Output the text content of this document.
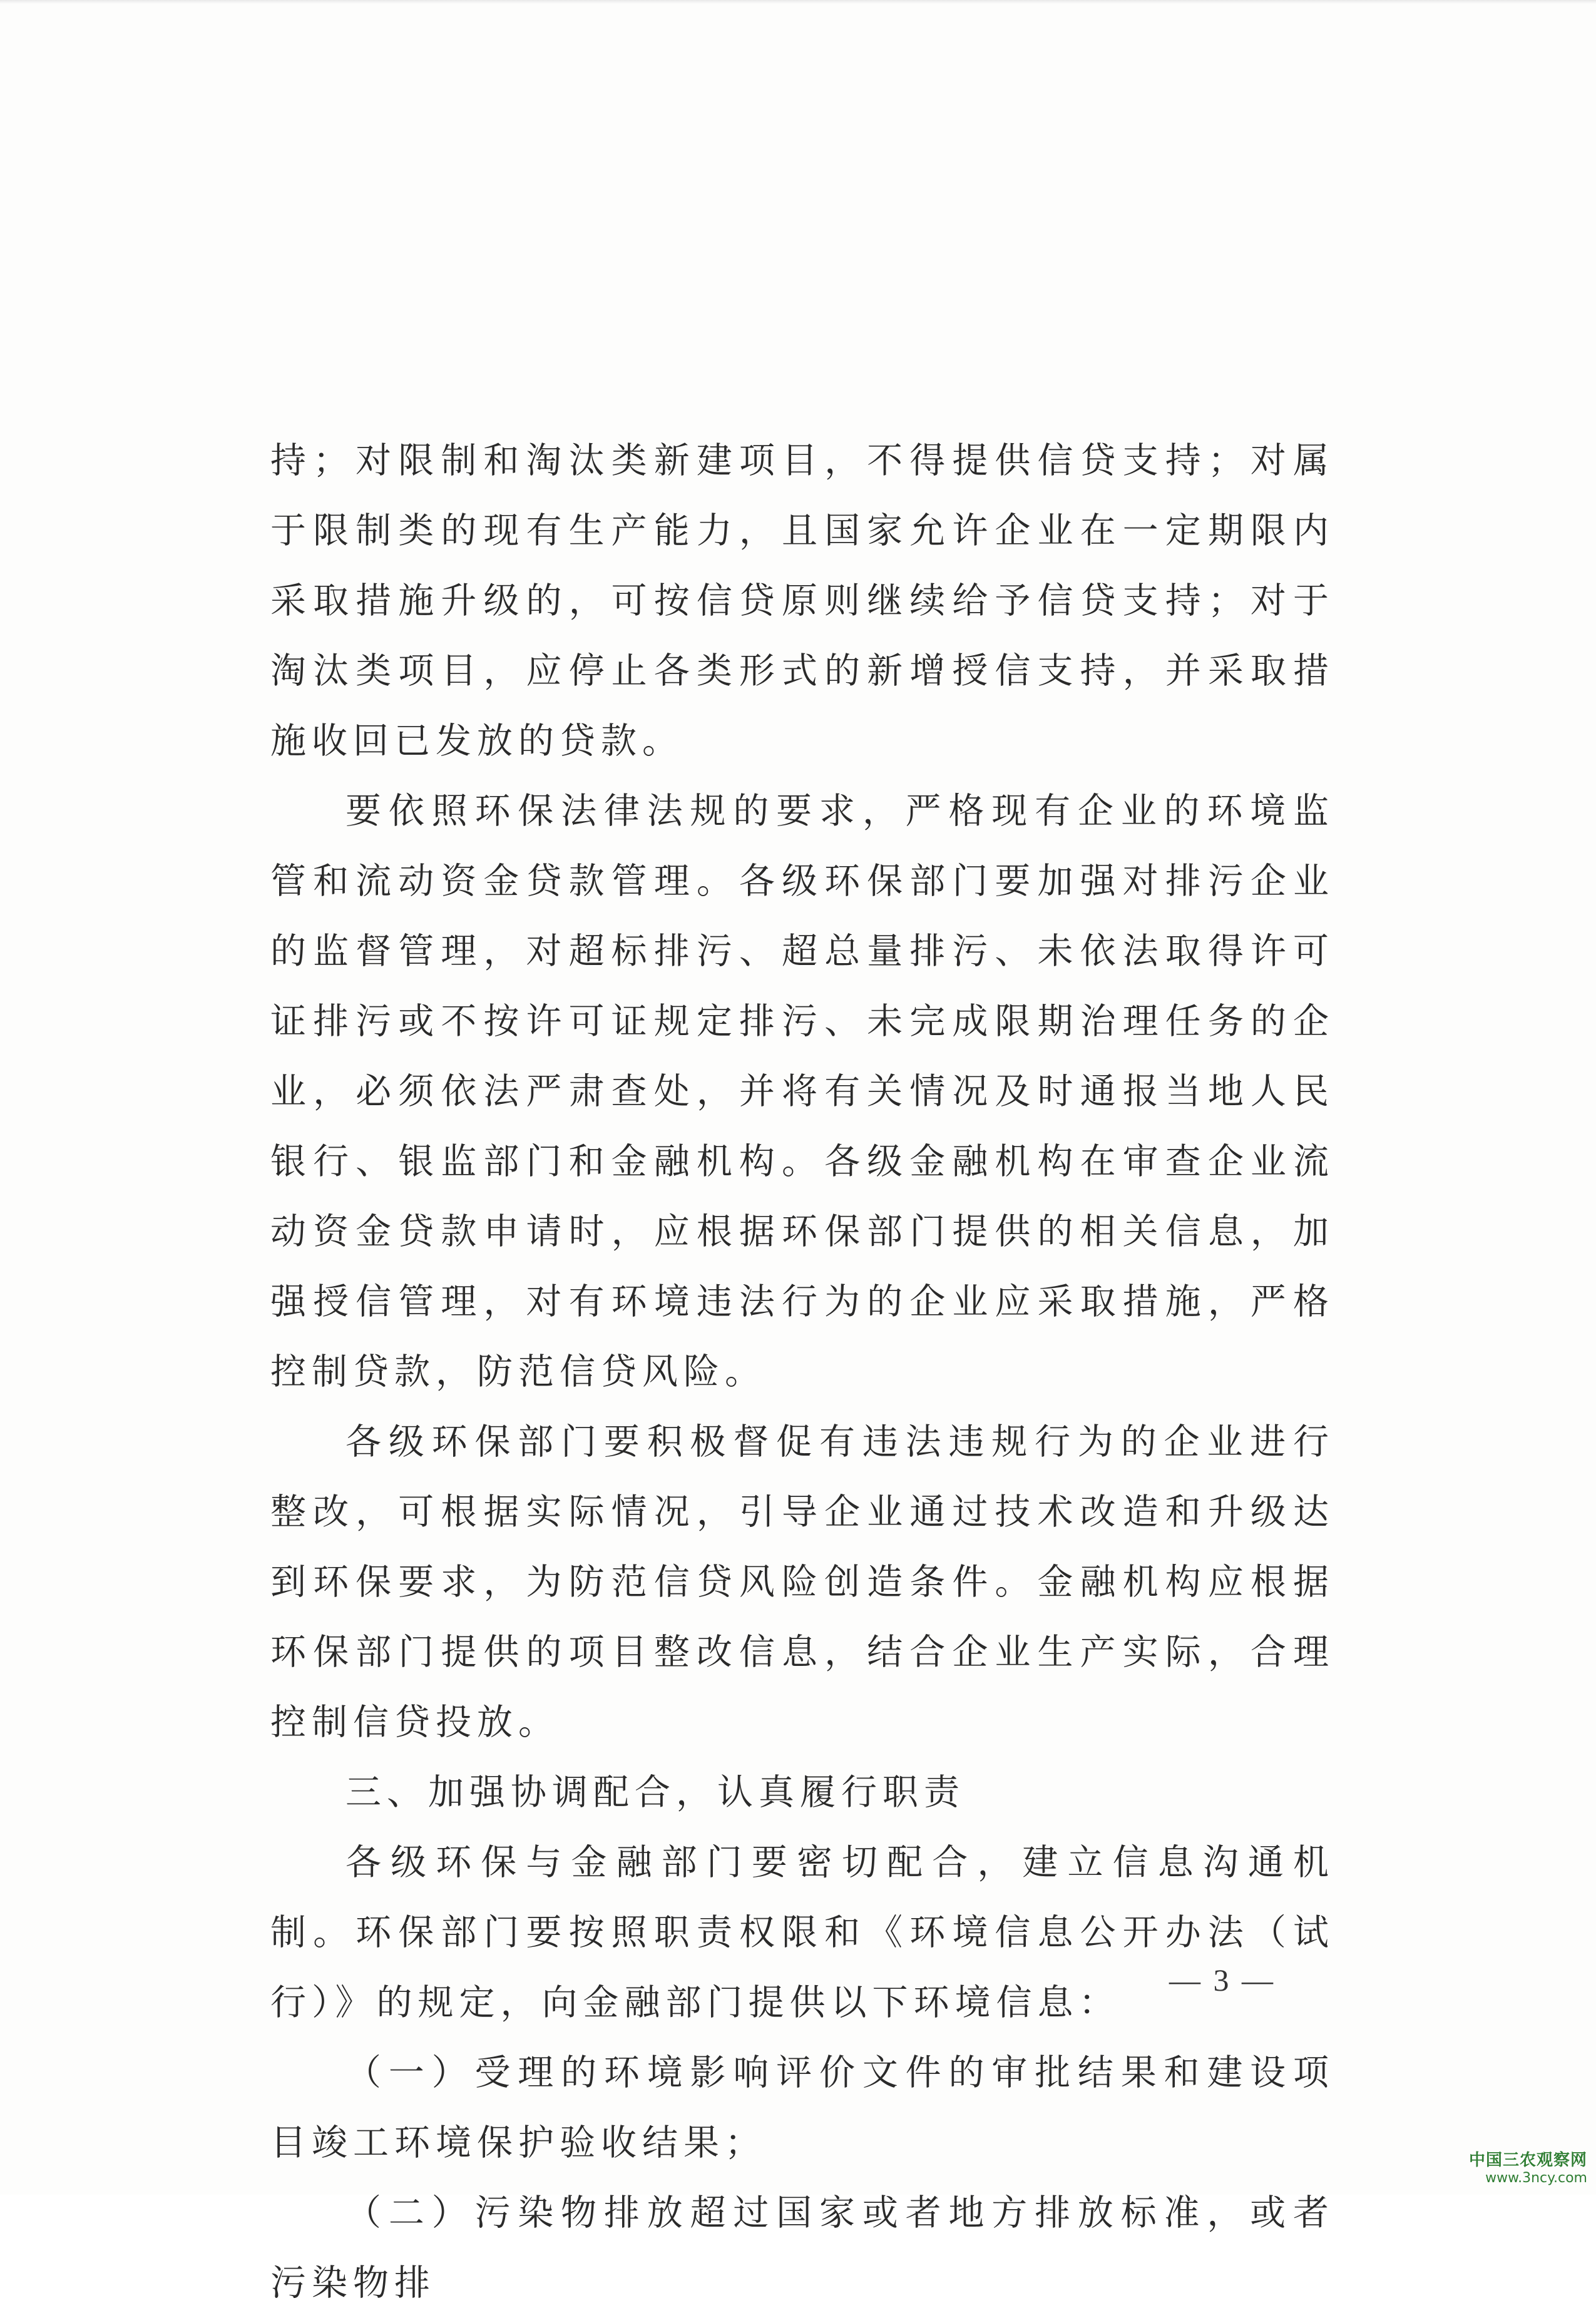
持；对限制和淘汰类新建项目，不得提供信贷支持；对属于限制类的现有生产能力，且国家允许企业在一定期限内采取措施升级的，可按信贷原则继续给予信贷支持；对于淘汰类项目，应停止各类形式的新增授信支持，并采取措施收回已发放的贷款。

要依照环保法律法规的要求，严格现有企业的环境监管和流动资金贷款管理。各级环保部门要加强对排污企业的监督管理，对超标排污、超总量排污、未依法取得许可证排污或不按许可证规定排污、未完成限期治理任务的企业，必须依法严肃查处，并将有关情况及时通报当地人民银行、银监部门和金融机构。各级金融机构在审查企业流动资金贷款申请时，应根据环保部门提供的相关信息，加强授信管理，对有环境违法行为的企业应采取措施，严格控制贷款，防范信贷风险。

各级环保部门要积极督促有违法违规行为的企业进行整改，可根据实际情况，引导企业通过技术改造和升级达到环保要求，为防范信贷风险创造条件。金融机构应根据环保部门提供的项目整改信息，结合企业生产实际，合理控制信贷投放。

三、加强协调配合，认真履行职责

各级环保与金融部门要密切配合，建立信息沟通机制。环保部门要按照职责权限和《环境信息公开办法（试行）》的规定，向金融部门提供以下环境信息：

（一）受理的环境影响评价文件的审批结果和建设项目竣工环境保护验收结果；

（二）污染物排放超过国家或者地方排放标准，或者污染物排

— 3 —
中国三农观察网
www.3ncy.com
